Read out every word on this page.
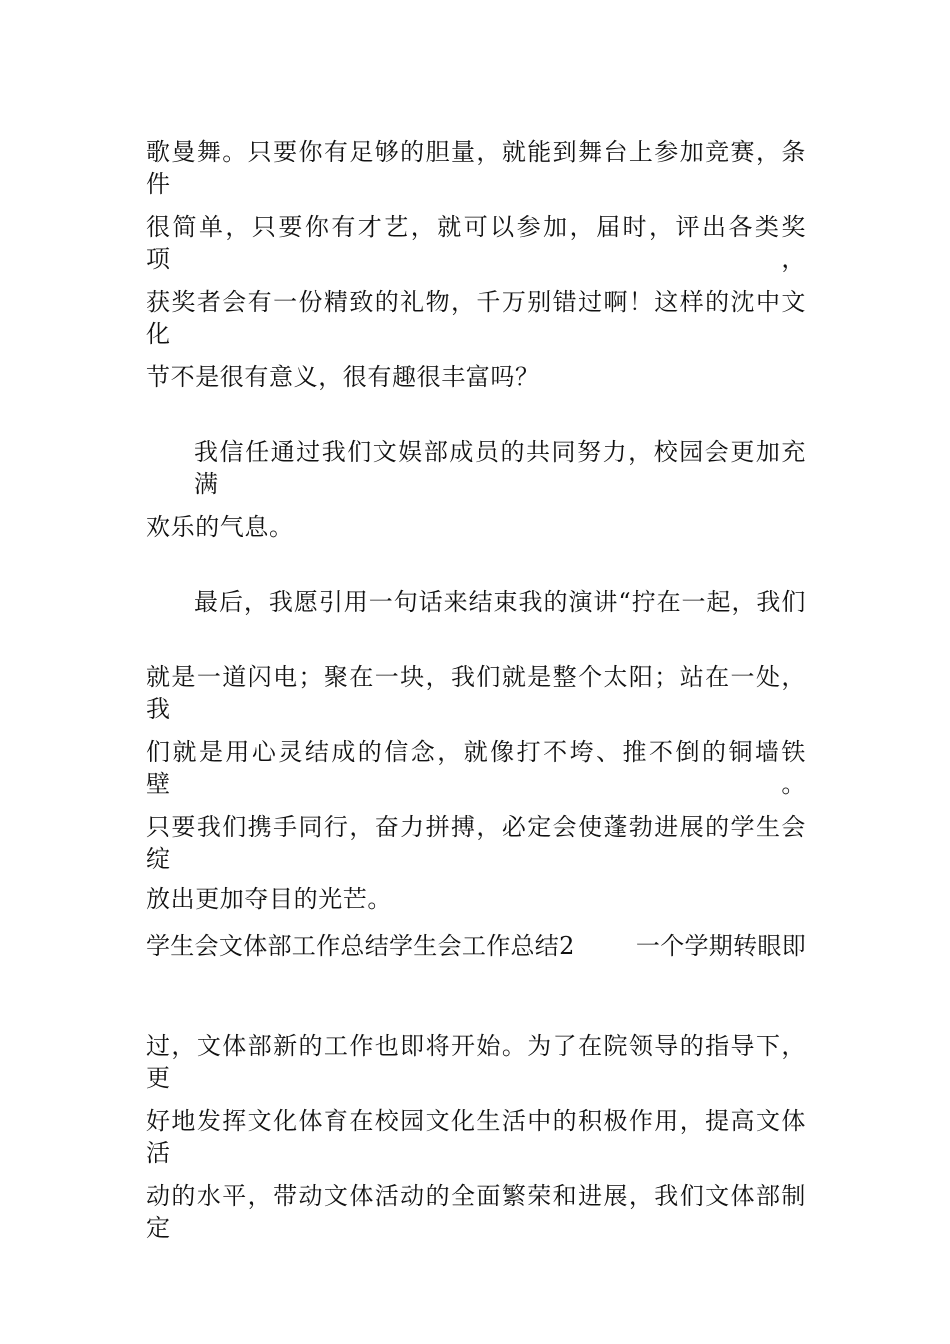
歌曼舞。只要你有足够的胆量，就能到舞台上参加竞赛，条件
很简单，只要你有才艺，就可以参加，届时，评出各类奖项，
获奖者会有一份精致的礼物，千万别错过啊！这样的沈中文化
节不是很有意义，很有趣很丰富吗？
我信任通过我们文娱部成员的共同努力，校园会更加充满
欢乐的气息。
最后，我愿引用一句话来结束我的演讲“拧在一起，我们
就是一道闪电；聚在一块，我们就是整个太阳；站在一处，我
们就是用心灵结成的信念，就像打不垮、推不倒的铜墙铁壁。
只要我们携手同行，奋力拼搏，必定会使蓬勃进展的学生会绽
放出更加夺目的光芒。
学生会文体部工作总结学生会工作总结2	一个学期转眼即
过，文体部新的工作也即将开始。为了在院领导的指导下，更
好地发挥文化体育在校园文化生活中的积极作用，提高文体活
动的水平，带动文体活动的全面繁荣和进展，我们文体部制定
